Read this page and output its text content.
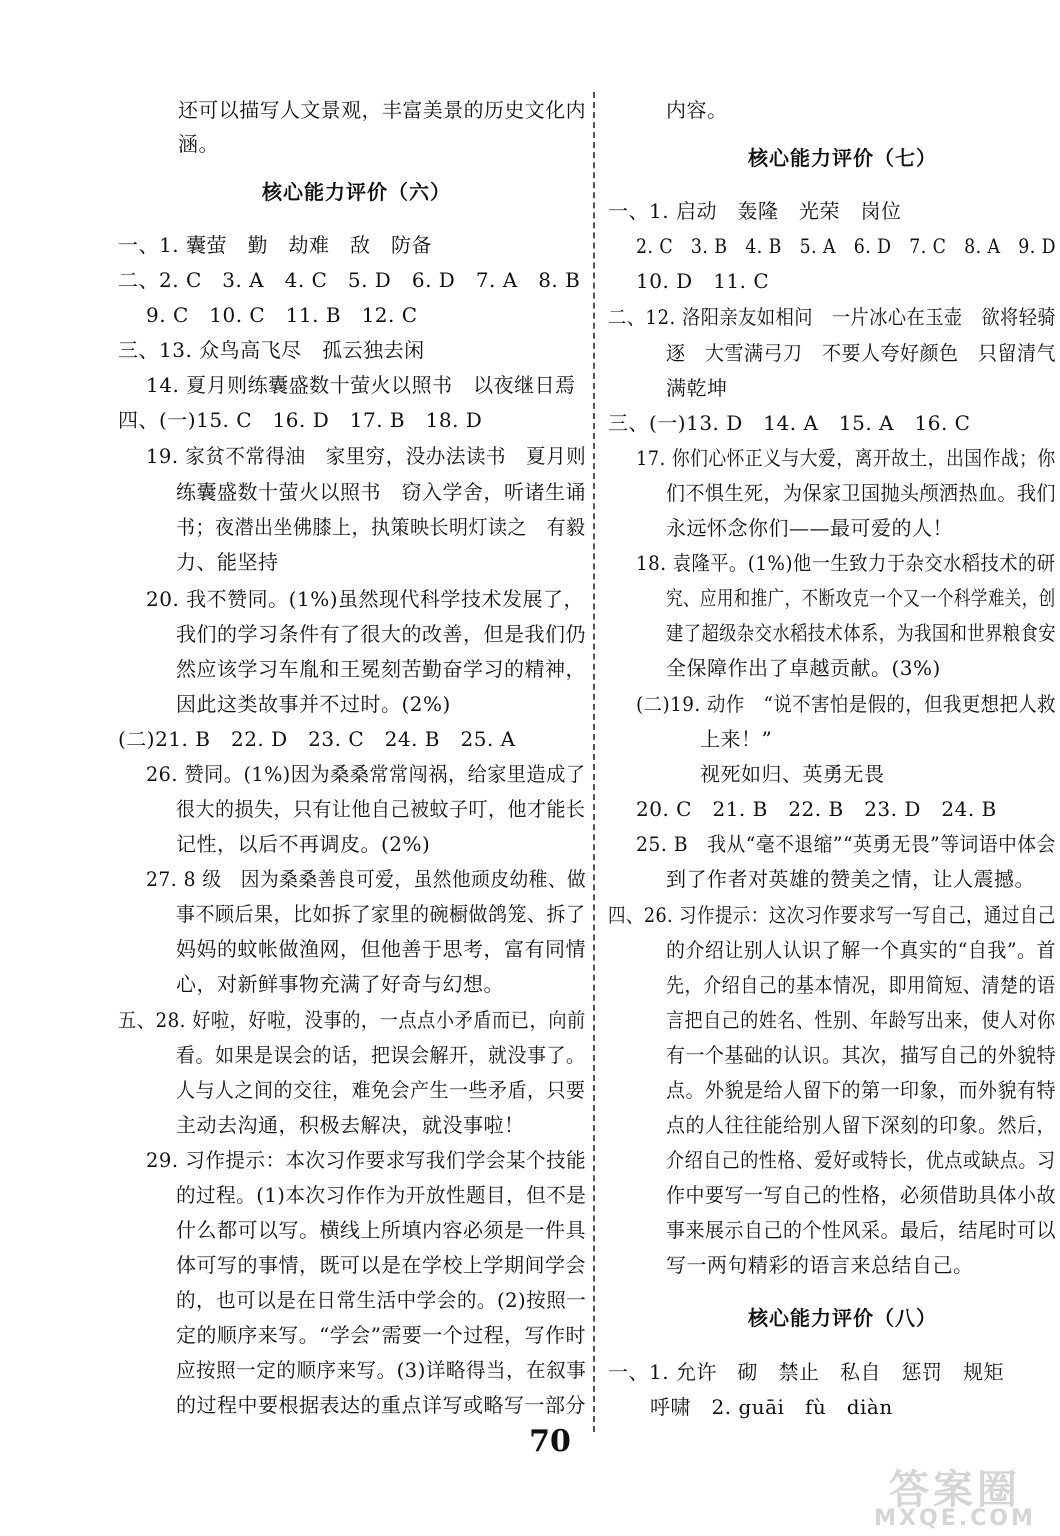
还可以描写人文景观，丰富美景的历史文化内
涵。
核心能力评价（六）
一、1. 囊萤　勤　劫难　敌　防备
二、2. C　3. A　4. C　5. D　6. D　7. A　8. B
9. C　10. C　11. B　12. C
三、13. 众鸟高飞尽　孤云独去闲
14. 夏月则练囊盛数十萤火以照书　以夜继日焉
四、(一)15. C　16. D　17. B　18. D
19. 家贫不常得油　家里穷，没办法读书　夏月则
练囊盛数十萤火以照书　窃入学舍，听诸生诵
书；夜潜出坐佛膝上，执策映长明灯读之　有毅
力、能坚持
20. 我不赞同。(1%)虽然现代科学技术发展了，
我们的学习条件有了很大的改善，但是我们仍
然应该学习车胤和王冕刻苦勤奋学习的精神，
因此这类故事并不过时。(2%)
(二)21. B　22. D　23. C　24. B　25. A
26. 赞同。(1%)因为桑桑常常闯祸，给家里造成了
很大的损失，只有让他自己被蚊子叮，他才能长
记性，以后不再调皮。(2%)
27. 8 级　因为桑桑善良可爱，虽然他顽皮幼稚、做
事不顾后果，比如拆了家里的碗橱做鸽笼、拆了
妈妈的蚊帐做渔网，但他善于思考，富有同情
心，对新鲜事物充满了好奇与幻想。
五、28. 好啦，好啦，没事的，一点点小矛盾而已，向前
看。如果是误会的话，把误会解开，就没事了。
人与人之间的交往，难免会产生一些矛盾，只要
主动去沟通，积极去解决，就没事啦！
29. 习作提示：本次习作要求写我们学会某个技能
的过程。(1)本次习作作为开放性题目，但不是
什么都可以写。横线上所填内容必须是一件具
体可写的事情，既可以是在学校上学期间学会
的，也可以是在日常生活中学会的。(2)按照一
定的顺序来写。“学会”需要一个过程，写作时
应按照一定的顺序来写。(3)详略得当，在叙事
的过程中要根据表达的重点详写或略写一部分
内容。
核心能力评价（七）
一、1. 启动　轰隆　光荣　岗位
2. C　3. B　4. B　5. A　6. D　7. C　8. A　9. D
10. D　11. C
二、12. 洛阳亲友如相问　一片冰心在玉壶　欲将轻骑
逐　大雪满弓刀　不要人夸好颜色　只留清气
满乾坤
三、(一)13. D　14. A　15. A　16. C
17. 你们心怀正义与大爱，离开故土，出国作战；你
们不惧生死，为保家卫国抛头颅洒热血。我们
永远怀念你们——最可爱的人！
18. 袁隆平。(1%)他一生致力于杂交水稻技术的研
究、应用和推广，不断攻克一个又一个科学难关，创
建了超级杂交水稻技术体系，为我国和世界粮食安
全保障作出了卓越贡献。(3%)
(二)19. 动作　“说不害怕是假的，但我更想把人救
上来！”
视死如归、英勇无畏
20. C　21. B　22. B　23. D　24. B
25. B　我从“毫不退缩”“英勇无畏”等词语中体会
到了作者对英雄的赞美之情，让人震撼。
四、26. 习作提示：这次习作要求写一写自己，通过自己
的介绍让别人认识了解一个真实的“自我”。首
先，介绍自己的基本情况，即用简短、清楚的语
言把自己的姓名、性别、年龄写出来，使人对你
有一个基础的认识。其次，描写自己的外貌特
点。外貌是给人留下的第一印象，而外貌有特
点的人往往能给别人留下深刻的印象。然后，
介绍自己的性格、爱好或特长，优点或缺点。习
作中要写一写自己的性格，必须借助具体小故
事来展示自己的个性风采。最后，结尾时可以
写一两句精彩的语言来总结自己。
核心能力评价（八）
一、1. 允许　砌　禁止　私自　惩罚　规矩
呼啸　2. guāi　fù　diàn
70
答案圈
MXQE.COM
